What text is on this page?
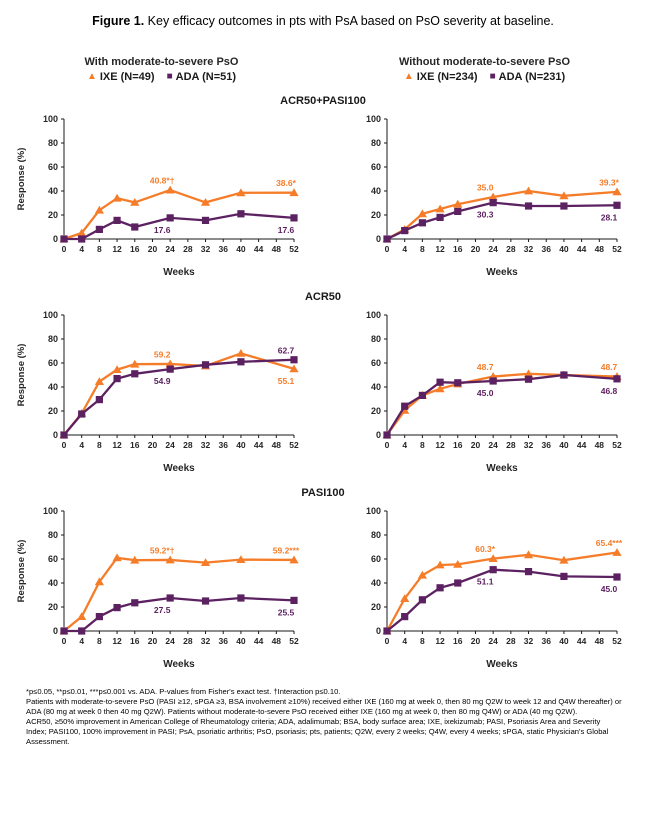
Figure 1. Key efficacy outcomes in pts with PsA based on PsO severity at baseline.
With moderate-to-severe PsO
▲ IXE (N=49) ■ ADA (N=51)
Without moderate-to-severe PsO
▲ IXE (N=234) ■ ADA (N=231)
ACR50+PASI100
0
20
40
60
80
100
0 4 8 12 16 20 24 28 32 36 40 44 48 52
Weeks
Response (%)	40.8*†	38.6*
17.6	17.6
0
20
40
60
80
100
0 4 8 12 16 20 24 28 32 36 40 44 48 52
Weeks
35.0
39.3*
30.3	28.1
ACR50
0
20
40
60
80
100
0 4 8 12 16 20 24 28 32 36 40 44 48 52
Weeks
Response (%)	59.2
55.1
54.9
62.7
0
20
40
60
80
100
0 4 8 12 16 20 24 28 32 36 40 44 48 52
Weeks
48.7	48.7
45.0	46.8
PASI100
0
20
40
60
80
100
0 4 8 12 16 20 24 28 32 36 40 44 48 52
Weeks
Response (%)	59.2*†	59.2***
27.5	25.5
0
20
40
60
80
100
0 4 8 12 16 20 24 28 32 36 40 44 48 52
Weeks
60.3*
65.4***
51.1
45.0

*p≤0.05, **p≤0.01, ***p≤0.001 vs. ADA. P-values from Fisher's exact test. †Interaction p≤0.10.

Patients with moderate-to-severe PsO (PASI ≥12, sPGA ≥3, BSA involvement ≥10%) received either IXE (160 mg at week 0, then 80 mg Q2W to week 12 and Q4W thereafter) or ADA (80 mg at week 0 then 40 mg Q2W). Patients without moderate-to-severe PsO received either IXE (160 mg at week 0, then 80 mg Q4W) or ADA (40 mg Q2W).

ACR50, ≥50% improvement in American College of Rheumatology criteria; ADA, adalimumab; BSA, body surface area; IXE, ixekizumab; PASI, Psoriasis Area and Severity Index; PASI100, 100% improvement in PASI; PsA, psoriatic arthritis; PsO, psoriasis; pts, patients; Q2W, every 2 weeks; Q4W, every 4 weeks; sPGA, static Physician's Global Assessment.
